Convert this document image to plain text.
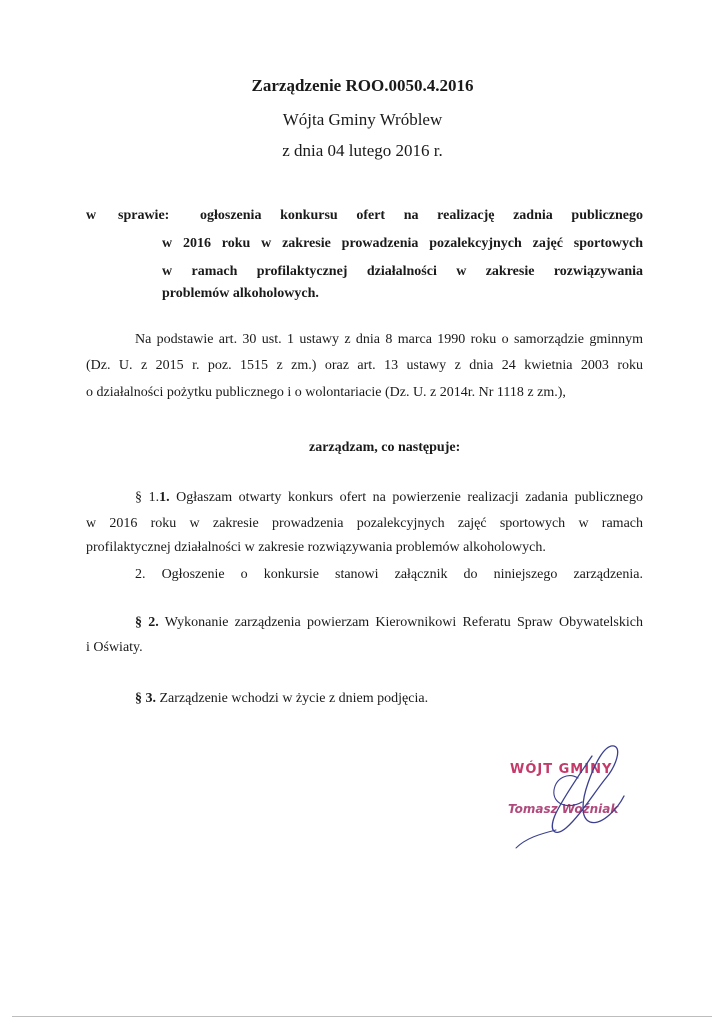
Zarządzenie ROO.0050.4.2016
Wójta Gminy Wróblew
z dnia 04 lutego 2016 r.
w sprawie: ogłoszenia konkursu ofert na realizację zadnia publicznego
w 2016 roku w zakresie prowadzenia pozalekcyjnych zajęć sportowych
w ramach profilaktycznej działalności w zakresie rozwiązywania
problemów alkoholowych.
Na podstawie art. 30 ust. 1 ustawy z dnia 8 marca 1990 roku o samorządzie gminnym
(Dz. U. z 2015 r. poz. 1515 z zm.) oraz art. 13 ustawy z dnia 24 kwietnia 2003 roku
o działalności pożytku publicznego i o wolontariacie (Dz. U. z 2014r. Nr 1118 z zm.),
zarządzam, co następuje:
§ 1.1. Ogłaszam otwarty konkurs ofert na powierzenie realizacji zadania publicznego
w 2016 roku w zakresie prowadzenia pozalekcyjnych zajęć sportowych w ramach
profilaktycznej działalności w zakresie rozwiązywania problemów alkoholowych.
2. Ogłoszenie o konkursie stanowi załącznik do niniejszego zarządzenia.
§ 2. Wykonanie zarządzenia powierzam Kierownikowi Referatu Spraw Obywatelskich
i Oświaty.
§ 3. Zarządzenie wchodzi w życie z dniem podjęcia.
WÓJT GMINY
Tomasz Woźniak
